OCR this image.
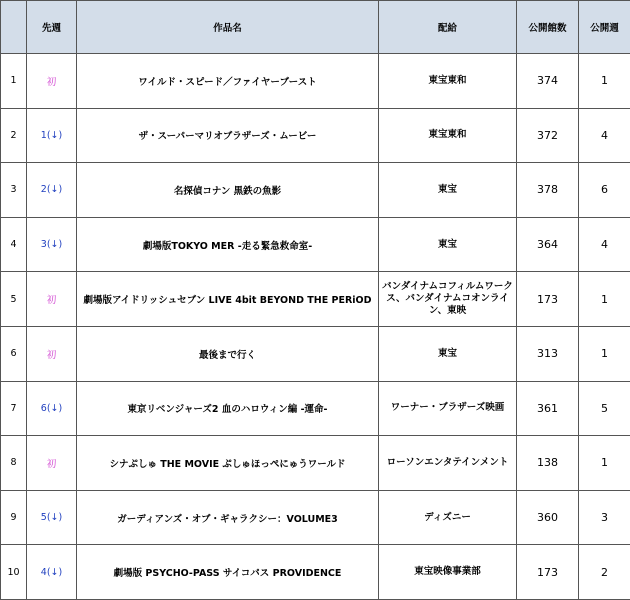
	先週	作品名	配給	公開館数	公開週
1	初	ワイルド・スピード／ファイヤーブースト	東宝東和	374	1
2	1(↓)	ザ・スーパーマリオブラザーズ・ムービー	東宝東和	372	4
3	2(↓)	名探偵コナン 黒鉄の魚影	東宝	378	6
4	3(↓)	劇場版TOKYO MER -走る緊急救命室-	東宝	364	4
5	初	劇場版アイドリッシュセブン LIVE 4bit BEYOND THE PERiOD	バンダイナムコフィルムワークス、バンダイナムコオンライン、東映	173	1
6	初	最後まで行く	東宝	313	1
7	6(↓)	東京リベンジャーズ2 血のハロウィン編 -運命-	ワーナー・ブラザーズ映画	361	5
8	初	シナぷしゅ THE MOVIE ぷしゅほっぺにゅうワールド	ローソンエンタテインメント	138	1
9	5(↓)	ガーディアンズ・オブ・ギャラクシー：VOLUME3	ディズニー	360	3
10	4(↓)	劇場版 PSYCHO-PASS サイコパス PROVIDENCE	東宝映像事業部	173	2
